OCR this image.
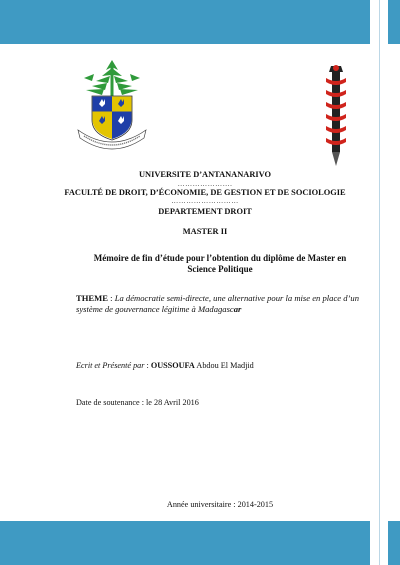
UNIVERSITE D’ANTANANARIVO
………………….
FACULTÉ DE DROIT, D’ÉCONOMIE, DE GESTION ET DE SOCIOLOGIE
………………………
DEPARTEMENT DROIT
MASTER II
Mémoire de fin d’étude pour l’obtention du diplôme de Master en
Science Politique
THEME : La démocratie semi-directe, une alternative pour la mise en place d’un système de gouvernance légitime à Madagascar
Ecrit et Présenté par : OUSSOUFA Abdou El Madjid
Date de soutenance : le 28 Avril 2016
Année universitaire : 2014-2015
